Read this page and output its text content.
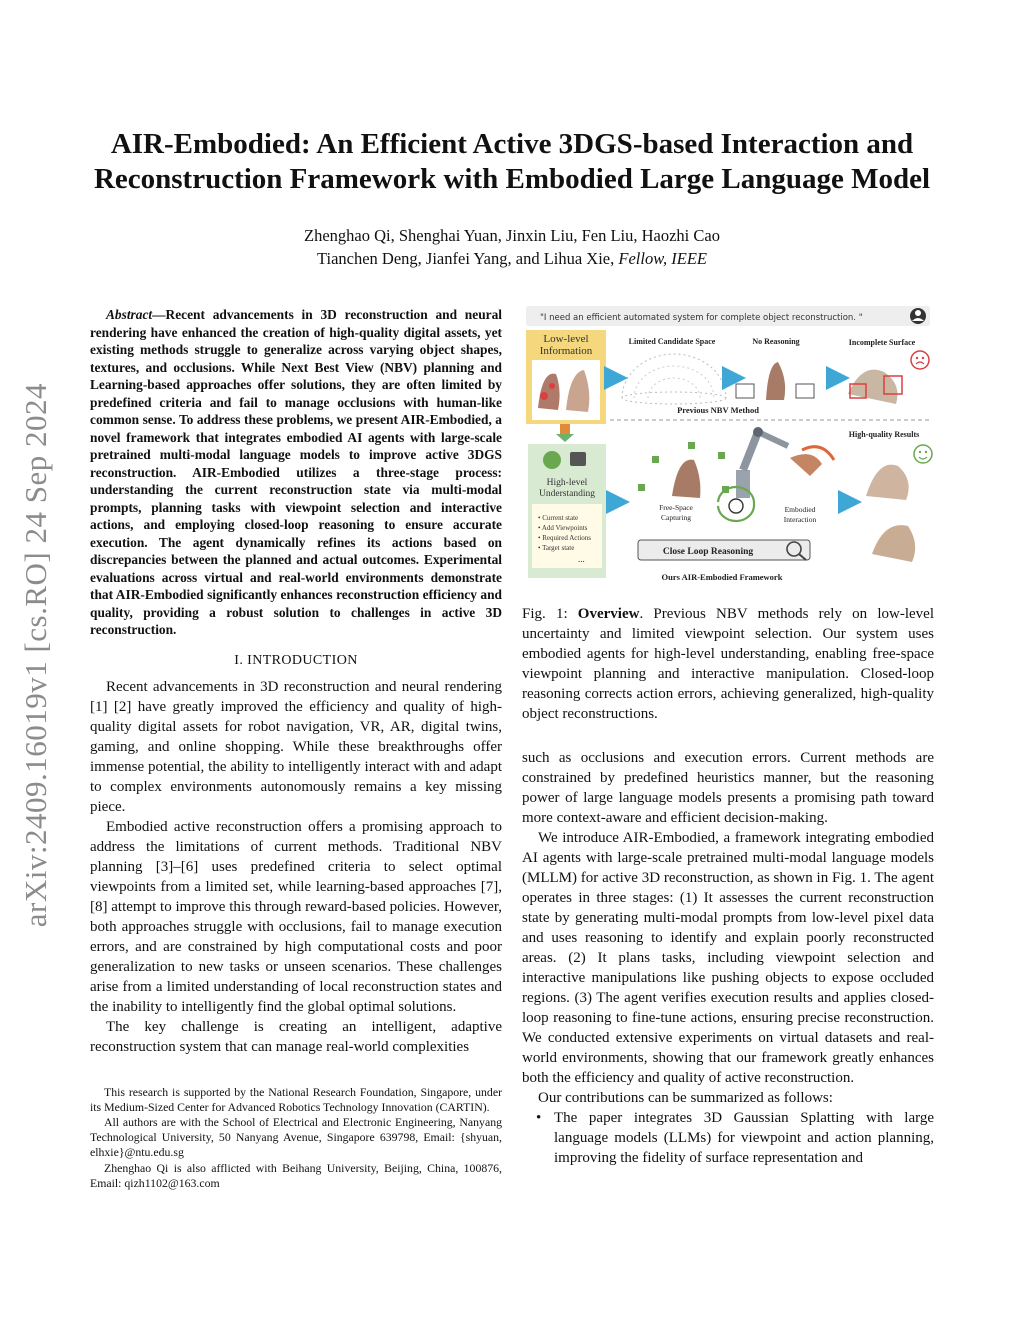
arXiv:2409.16019v1 [cs.RO] 24 Sep 2024
AIR-Embodied: An Efficient Active 3DGS-based Interaction and
Reconstruction Framework with Embodied Large Language Model
Zhenghao Qi, Shenghai Yuan, Jinxin Liu, Fen Liu, Haozhi Cao
Tianchen Deng, Jianfei Yang, and Lihua Xie, Fellow, IEEE

Abstract—Recent advancements in 3D reconstruction and neural rendering have enhanced the creation of high-quality digital assets, yet existing methods struggle to generalize across varying object shapes, textures, and occlusions. While Next Best View (NBV) planning and Learning-based approaches offer solutions, they are often limited by predefined criteria and fail to manage occlusions with human-like common sense. To address these problems, we present AIR-Embodied, a novel framework that integrates embodied AI agents with large-scale pretrained multi-modal language models to improve active 3DGS reconstruction. AIR-Embodied utilizes a three-stage process: understanding the current reconstruction state via multi-modal prompts, planning tasks with viewpoint selection and interactive actions, and employing closed-loop reasoning to ensure accurate execution. The agent dynamically refines its actions based on discrepancies between the planned and actual outcomes. Experimental evaluations across virtual and real-world environments demonstrate that AIR-Embodied significantly enhances reconstruction efficiency and quality, providing a robust solution to challenges in active 3D reconstruction.

I. INTRODUCTION

Recent advancements in 3D reconstruction and neural rendering [1] [2] have greatly improved the efficiency and quality of high-quality digital assets for robot navigation, VR, AR, digital twins, gaming, and online shopping. While these breakthroughs offer immense potential, the ability to intelligently interact with and adapt to complex environments autonomously remains a key missing piece.

Embodied active reconstruction offers a promising approach to address the limitations of current methods. Traditional NBV planning [3]–[6] uses predefined criteria to select optimal viewpoints from a limited set, while learning-based approaches [7], [8] attempt to improve this through reward-based policies. However, both approaches struggle with occlusions, fail to manage execution errors, and are constrained by high computational costs and poor generalization to new tasks or unseen scenarios. These challenges arise from a limited understanding of local reconstruction states and the inability to intelligently find the global optimal solutions.

The key challenge is creating an intelligent, adaptive reconstruction system that can manage real-world complexities

This research is supported by the National Research Foundation, Singapore, under its Medium-Sized Center for Advanced Robotics Technology Innovation (CARTIN).

All authors are with the School of Electrical and Electronic Engineering, Nanyang Technological University, 50 Nanyang Avenue, Singapore 639798, Email: {shyuan, elhxie}@ntu.edu.sg

Zhenghao Qi is also afflicted with Beihang University, Beijing, China, 100876, Email: qizh1102@163.com

"I need an efficient automated system for complete object reconstruction. "
Low-level
Information
Limited Candidate Space	No Reasoning	Incomplete Surface
Previous NBV Method
High-level
Understanding
• Current state
• Add Viewpoints
• Required Actions
• Target state
...
Free-Space
Capturing
Embodied
Interaction
Close Loop Reasoning
Ours AIR-Embodied Framework
High-quality Results

Fig. 1: Overview. Previous NBV methods rely on low-level uncertainty and limited viewpoint selection. Our system uses embodied agents for high-level understanding, enabling free-space viewpoint planning and interactive manipulation. Closed-loop reasoning corrects action errors, achieving generalized, high-quality object reconstructions.

such as occlusions and execution errors. Current methods are constrained by predefined heuristics manner, but the reasoning power of large language models presents a promising path toward more context-aware and efficient decision-making.

We introduce AIR-Embodied, a framework integrating embodied AI agents with large-scale pretrained multi-modal language models (MLLM) for active 3D reconstruction, as shown in Fig. 1. The agent operates in three stages: (1) It assesses the current reconstruction state by generating multi-modal prompts from low-level pixel data and uses reasoning to identify and explain poorly reconstructed areas. (2) It plans tasks, including viewpoint selection and interactive manipulations like pushing objects to expose occluded regions. (3) The agent verifies execution results and applies closed-loop reasoning to fine-tune actions, ensuring precise reconstruction. We conducted extensive experiments on virtual datasets and real-world environments, showing that our framework greatly enhances both the efficiency and quality of active reconstruction.

Our contributions can be summarized as follows:

• The paper integrates 3D Gaussian Splatting with large language models (LLMs) for viewpoint and action planning, improving the fidelity of surface representation and
